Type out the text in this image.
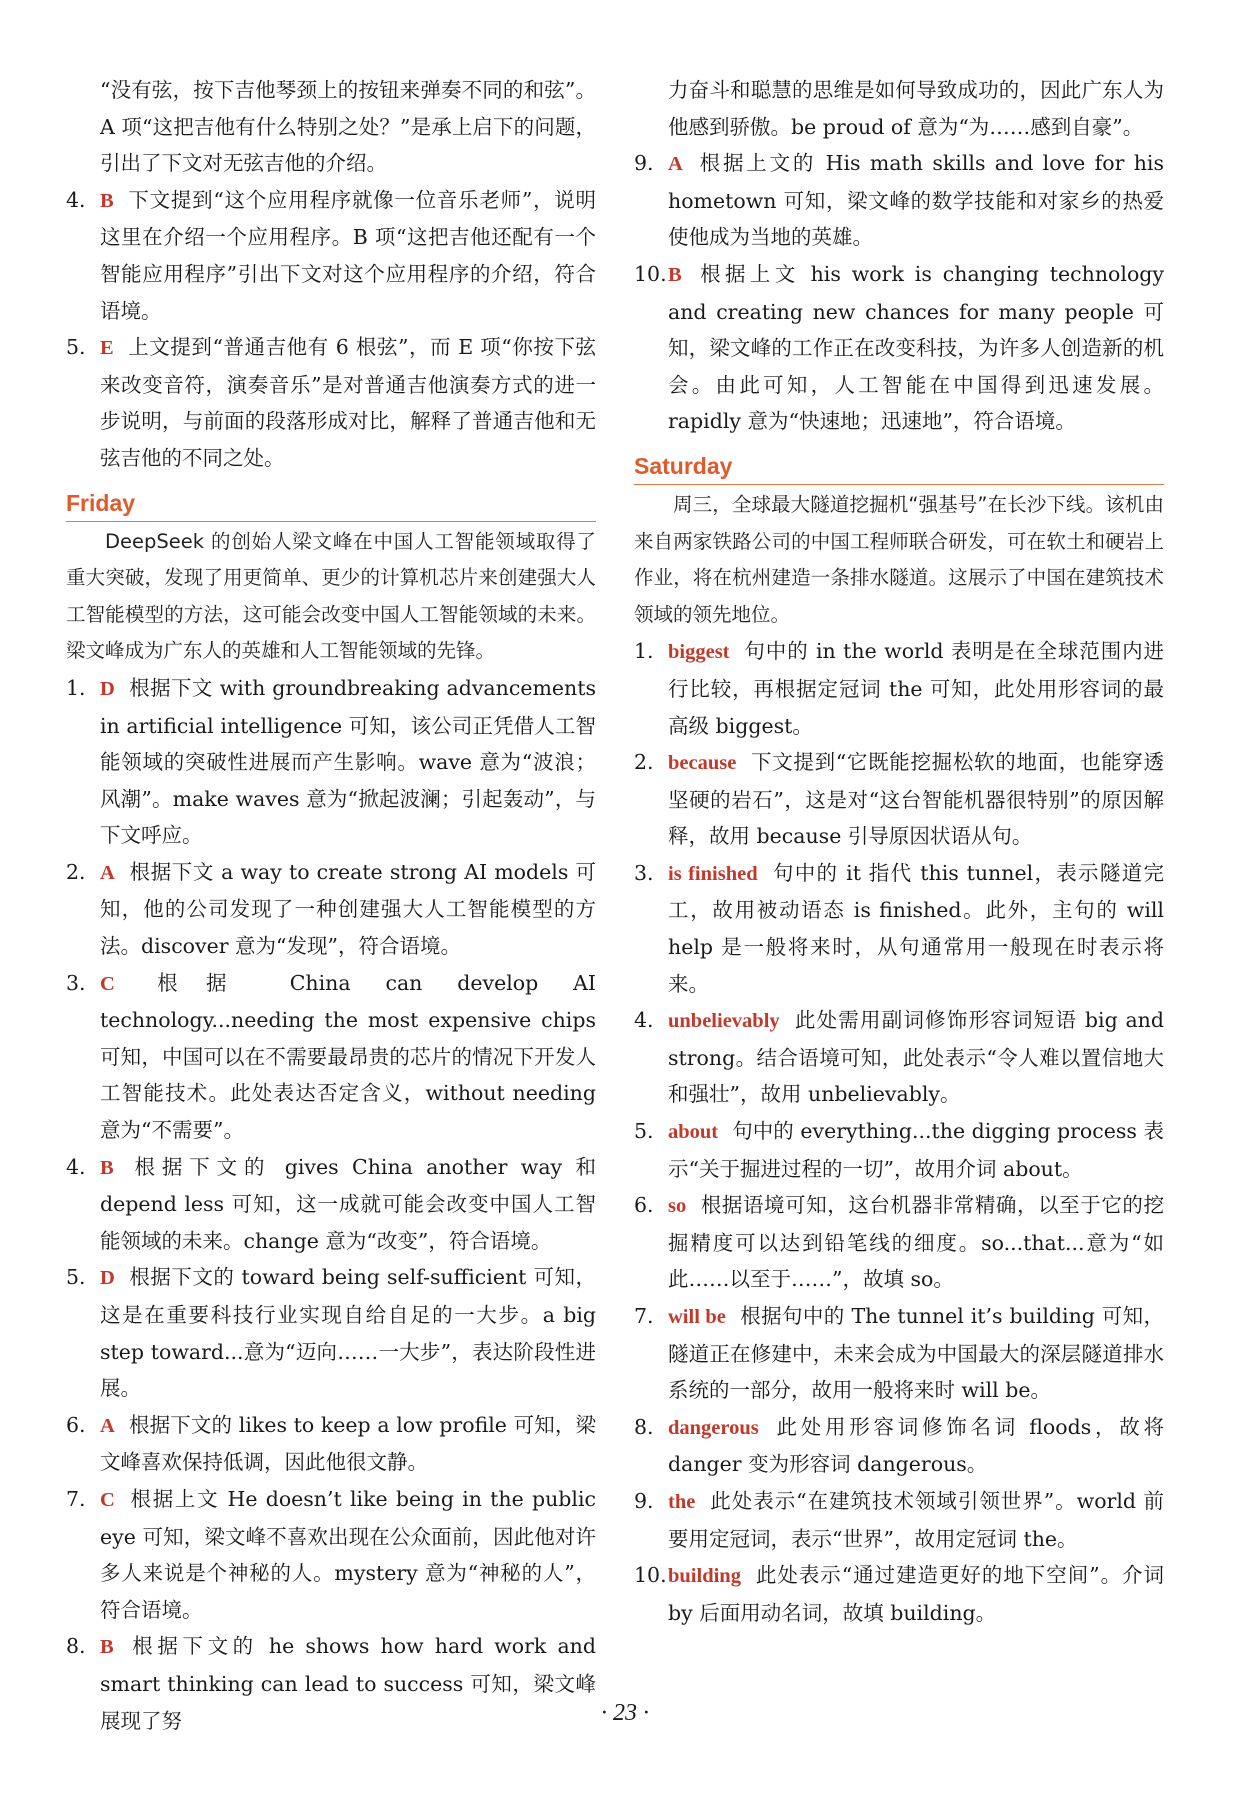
“没有弦，按下吉他琴颈上的按钮来弹奏不同的和弦”。A 项“这把吉他有什么特别之处？”是承上启下的问题，引出了下文对无弦吉他的介绍。

4. B 下文提到“这个应用程序就像一位音乐老师”，说明这里在介绍一个应用程序。B 项“这把吉他还配有一个智能应用程序”引出下文对这个应用程序的介绍，符合语境。
5. E 上文提到“普通吉他有 6 根弦”，而 E 项“你按下弦来改变音符，演奏音乐”是对普通吉他演奏方式的进一步说明，与前面的段落形成对比，解释了普通吉他和无弦吉他的不同之处。
Friday

DeepSeek 的创始人梁文峰在中国人工智能领域取得了重大突破，发现了用更简单、更少的计算机芯片来创建强大人工智能模型的方法，这可能会改变中国人工智能领域的未来。梁文峰成为广东人的英雄和人工智能领域的先锋。

1. D 根据下文 with groundbreaking advancements in artificial intelligence 可知，该公司正凭借人工智能领域的突破性进展而产生影响。wave 意为“波浪；风潮”。make waves 意为“掀起波澜；引起轰动”，与下文呼应。
2. A 根据下文 a way to create strong AI models 可知，他的公司发现了一种创建强大人工智能模型的方法。discover 意为“发现”，符合语境。
3. C 根据 China can develop AI technology...needing the most expensive chips 可知，中国可以在不需要最昂贵的芯片的情况下开发人工智能技术。此处表达否定含义，without needing 意为“不需要”。
4. B 根据下文的 gives China another way 和 depend less 可知，这一成就可能会改变中国人工智能领域的未来。change 意为“改变”，符合语境。
5. D 根据下文的 toward being self-sufficient 可知，这是在重要科技行业实现自给自足的一大步。a big step toward...意为“迈向……一大步”，表达阶段性进展。
6. A 根据下文的 likes to keep a low profile 可知，梁文峰喜欢保持低调，因此他很文静。
7. C 根据上文 He doesn’t like being in the public eye 可知，梁文峰不喜欢出现在公众面前，因此他对许多人来说是个神秘的人。mystery 意为“神秘的人”，符合语境。
8. B 根据下文的 he shows how hard work and smart thinking can lead to success 可知，梁文峰展现了努

力奋斗和聪慧的思维是如何导致成功的，因此广东人为他感到骄傲。be proud of 意为“为……感到自豪”。

9. A 根据上文的 His math skills and love for his hometown 可知，梁文峰的数学技能和对家乡的热爱使他成为当地的英雄。
10. B 根据上文 his work is changing technology and creating new chances for many people 可知，梁文峰的工作正在改变科技，为许多人创造新的机会。由此可知，人工智能在中国得到迅速发展。rapidly 意为“快速地；迅速地”，符合语境。
Saturday

周三，全球最大隧道挖掘机“强基号”在长沙下线。该机由来自两家铁路公司的中国工程师联合研发，可在软土和硬岩上作业，将在杭州建造一条排水隧道。这展示了中国在建筑技术领域的领先地位。

1. biggest 句中的 in the world 表明是在全球范围内进行比较，再根据定冠词 the 可知，此处用形容词的最高级 biggest。
2. because 下文提到“它既能挖掘松软的地面，也能穿透坚硬的岩石”，这是对“这台智能机器很特别”的原因解释，故用 because 引导原因状语从句。
3. is finished 句中的 it 指代 this tunnel，表示隧道完工，故用被动语态 is finished。此外，主句的 will help 是一般将来时，从句通常用一般现在时表示将来。
4. unbelievably 此处需用副词修饰形容词短语 big and strong。结合语境可知，此处表示“令人难以置信地大和强壮”，故用 unbelievably。
5. about 句中的 everything...the digging process 表示“关于掘进过程的一切”，故用介词 about。
6. so 根据语境可知，这台机器非常精确，以至于它的挖掘精度可以达到铅笔线的细度。so...that...意为“如此……以至于……”，故填 so。
7. will be 根据句中的 The tunnel it’s building 可知，隧道正在修建中，未来会成为中国最大的深层隧道排水系统的一部分，故用一般将来时 will be。
8. dangerous 此处用形容词修饰名词 floods，故将 danger 变为形容词 dangerous。
9. the 此处表示“在建筑技术领域引领世界”。world 前要用定冠词，表示“世界”，故用定冠词 the。
10. building 此处表示“通过建造更好的地下空间”。介词 by 后面用动名词，故填 building。
· 23 ·
